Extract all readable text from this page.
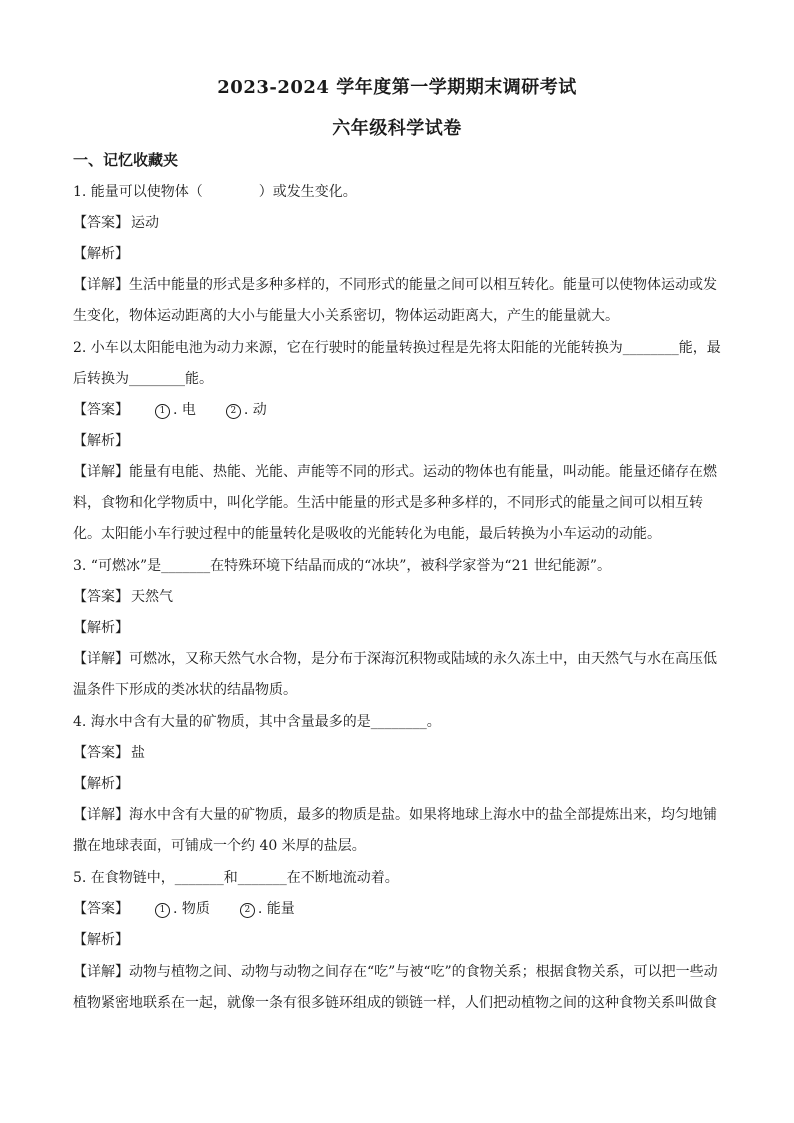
2023-2024 学年度第一学期期末调研考试
六年级科学试卷
一、记忆收藏夹
1. 能量可以使物体（　　　　）或发生变化。
【答案】 运动
【解析】
【详解】生活中能量的形式是多种多样的，不同形式的能量之间可以相互转化。能量可以使物体运动或发
生变化，物体运动距离的大小与能量大小关系密切，物体运动距离大，产生的能量就大。
2. 小车以太阳能电池为动力来源，它在行驶时的能量转换过程是先将太阳能的光能转换为________能，最
后转换为________能。
【答案】	1 . 电	2 . 动
【解析】
【详解】能量有电能、热能、光能、声能等不同的形式。运动的物体也有能量，叫动能。能量还储存在燃
料，食物和化学物质中，叫化学能。生活中能量的形式是多种多样的，不同形式的能量之间可以相互转
化。太阳能小车行驶过程中的能量转化是吸收的光能转化为电能，最后转换为小车运动的动能。
3. “可燃冰”是_______在特殊环境下结晶而成的“冰块”，被科学家誉为“21 世纪能源”。
【答案】 天然气
【解析】
【详解】可燃冰，又称天然气水合物，是分布于深海沉积物或陆域的永久冻土中，由天然气与水在高压低
温条件下形成的类冰状的结晶物质。
4. 海水中含有大量的矿物质，其中含量最多的是________。
【答案】 盐
【解析】
【详解】海水中含有大量的矿物质，最多的物质是盐。如果将地球上海水中的盐全部提炼出来，均匀地铺
撒在地球表面，可铺成一个约 40 米厚的盐层。
5. 在食物链中，_______和_______在不断地流动着。
【答案】	1 . 物质	2 . 能量
【解析】
【详解】动物与植物之间、动物与动物之间存在“吃”与被“吃”的食物关系；根据食物关系，可以把一些动
植物紧密地联系在一起，就像一条有很多链环组成的锁链一样，人们把动植物之间的这种食物关系叫做食
